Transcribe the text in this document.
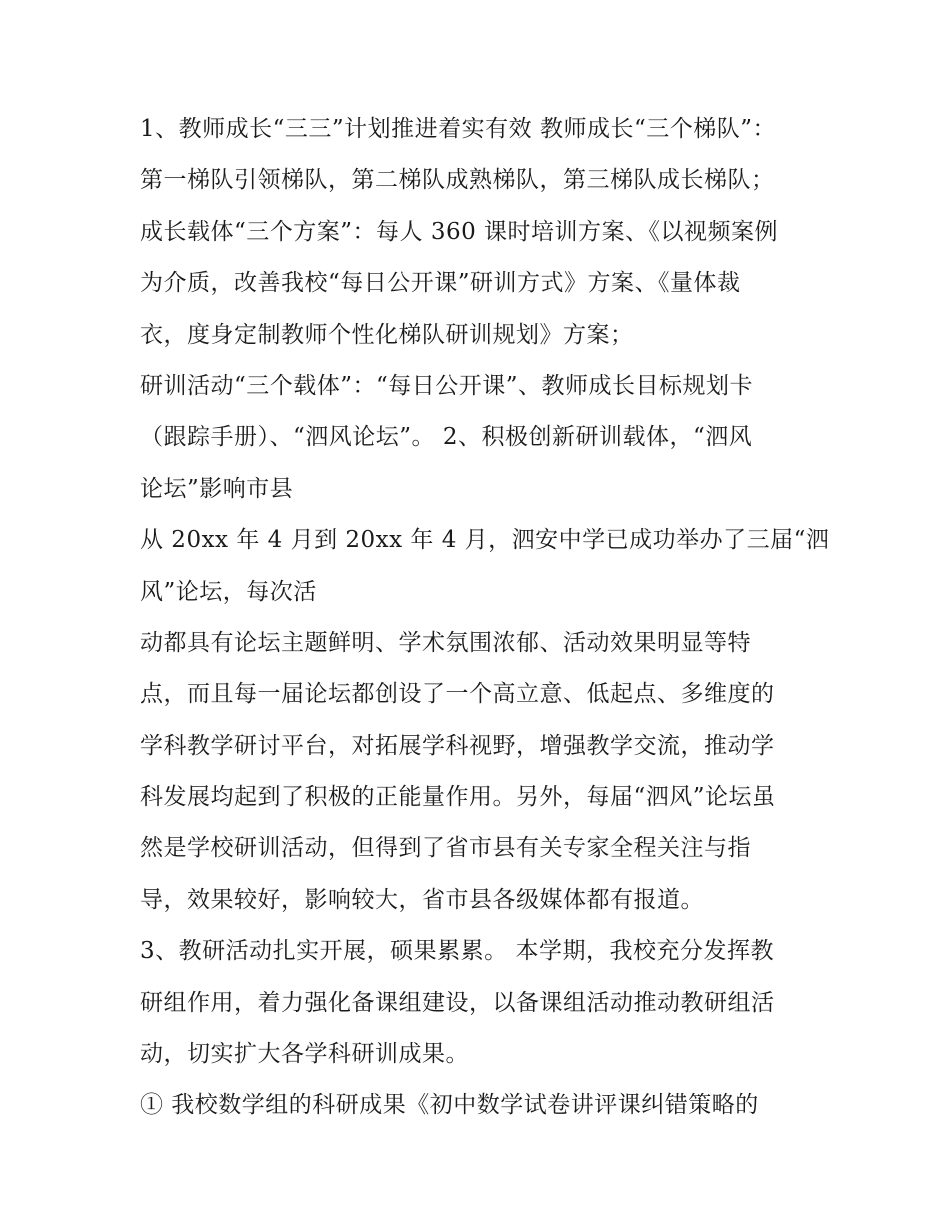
1、教师成长“三三”计划推进着实有效 教师成长“三个梯队”：
第一梯队引领梯队，第二梯队成熟梯队，第三梯队成长梯队；
成长载体“三个方案”：每人 360 课时培训方案、《以视频案例
为介质，改善我校“每日公开课”研训方式》方案、《量体裁
衣，度身定制教师个性化梯队研训规划》方案；
研训活动“三个载体”：“每日公开课”、教师成长目标规划卡
（跟踪手册）、“泗风论坛”。 2、积极创新研训载体，“泗风
论坛”影响市县
从 20xx 年 4 月到 20xx 年 4 月，泗安中学已成功举办了三届“泗
风”论坛，每次活
动都具有论坛主题鲜明、学术氛围浓郁、活动效果明显等特
点，而且每一届论坛都创设了一个高立意、低起点、多维度的
学科教学研讨平台，对拓展学科视野，增强教学交流，推动学
科发展均起到了积极的正能量作用。另外，每届“泗风”论坛虽
然是学校研训活动，但得到了省市县有关专家全程关注与指
导，效果较好，影响较大，省市县各级媒体都有报道。
3、教研活动扎实开展，硕果累累。 本学期，我校充分发挥教
研组作用，着力强化备课组建设，以备课组活动推动教研组活
动，切实扩大各学科研训成果。
① 我校数学组的科研成果《初中数学试卷讲评课纠错策略的
